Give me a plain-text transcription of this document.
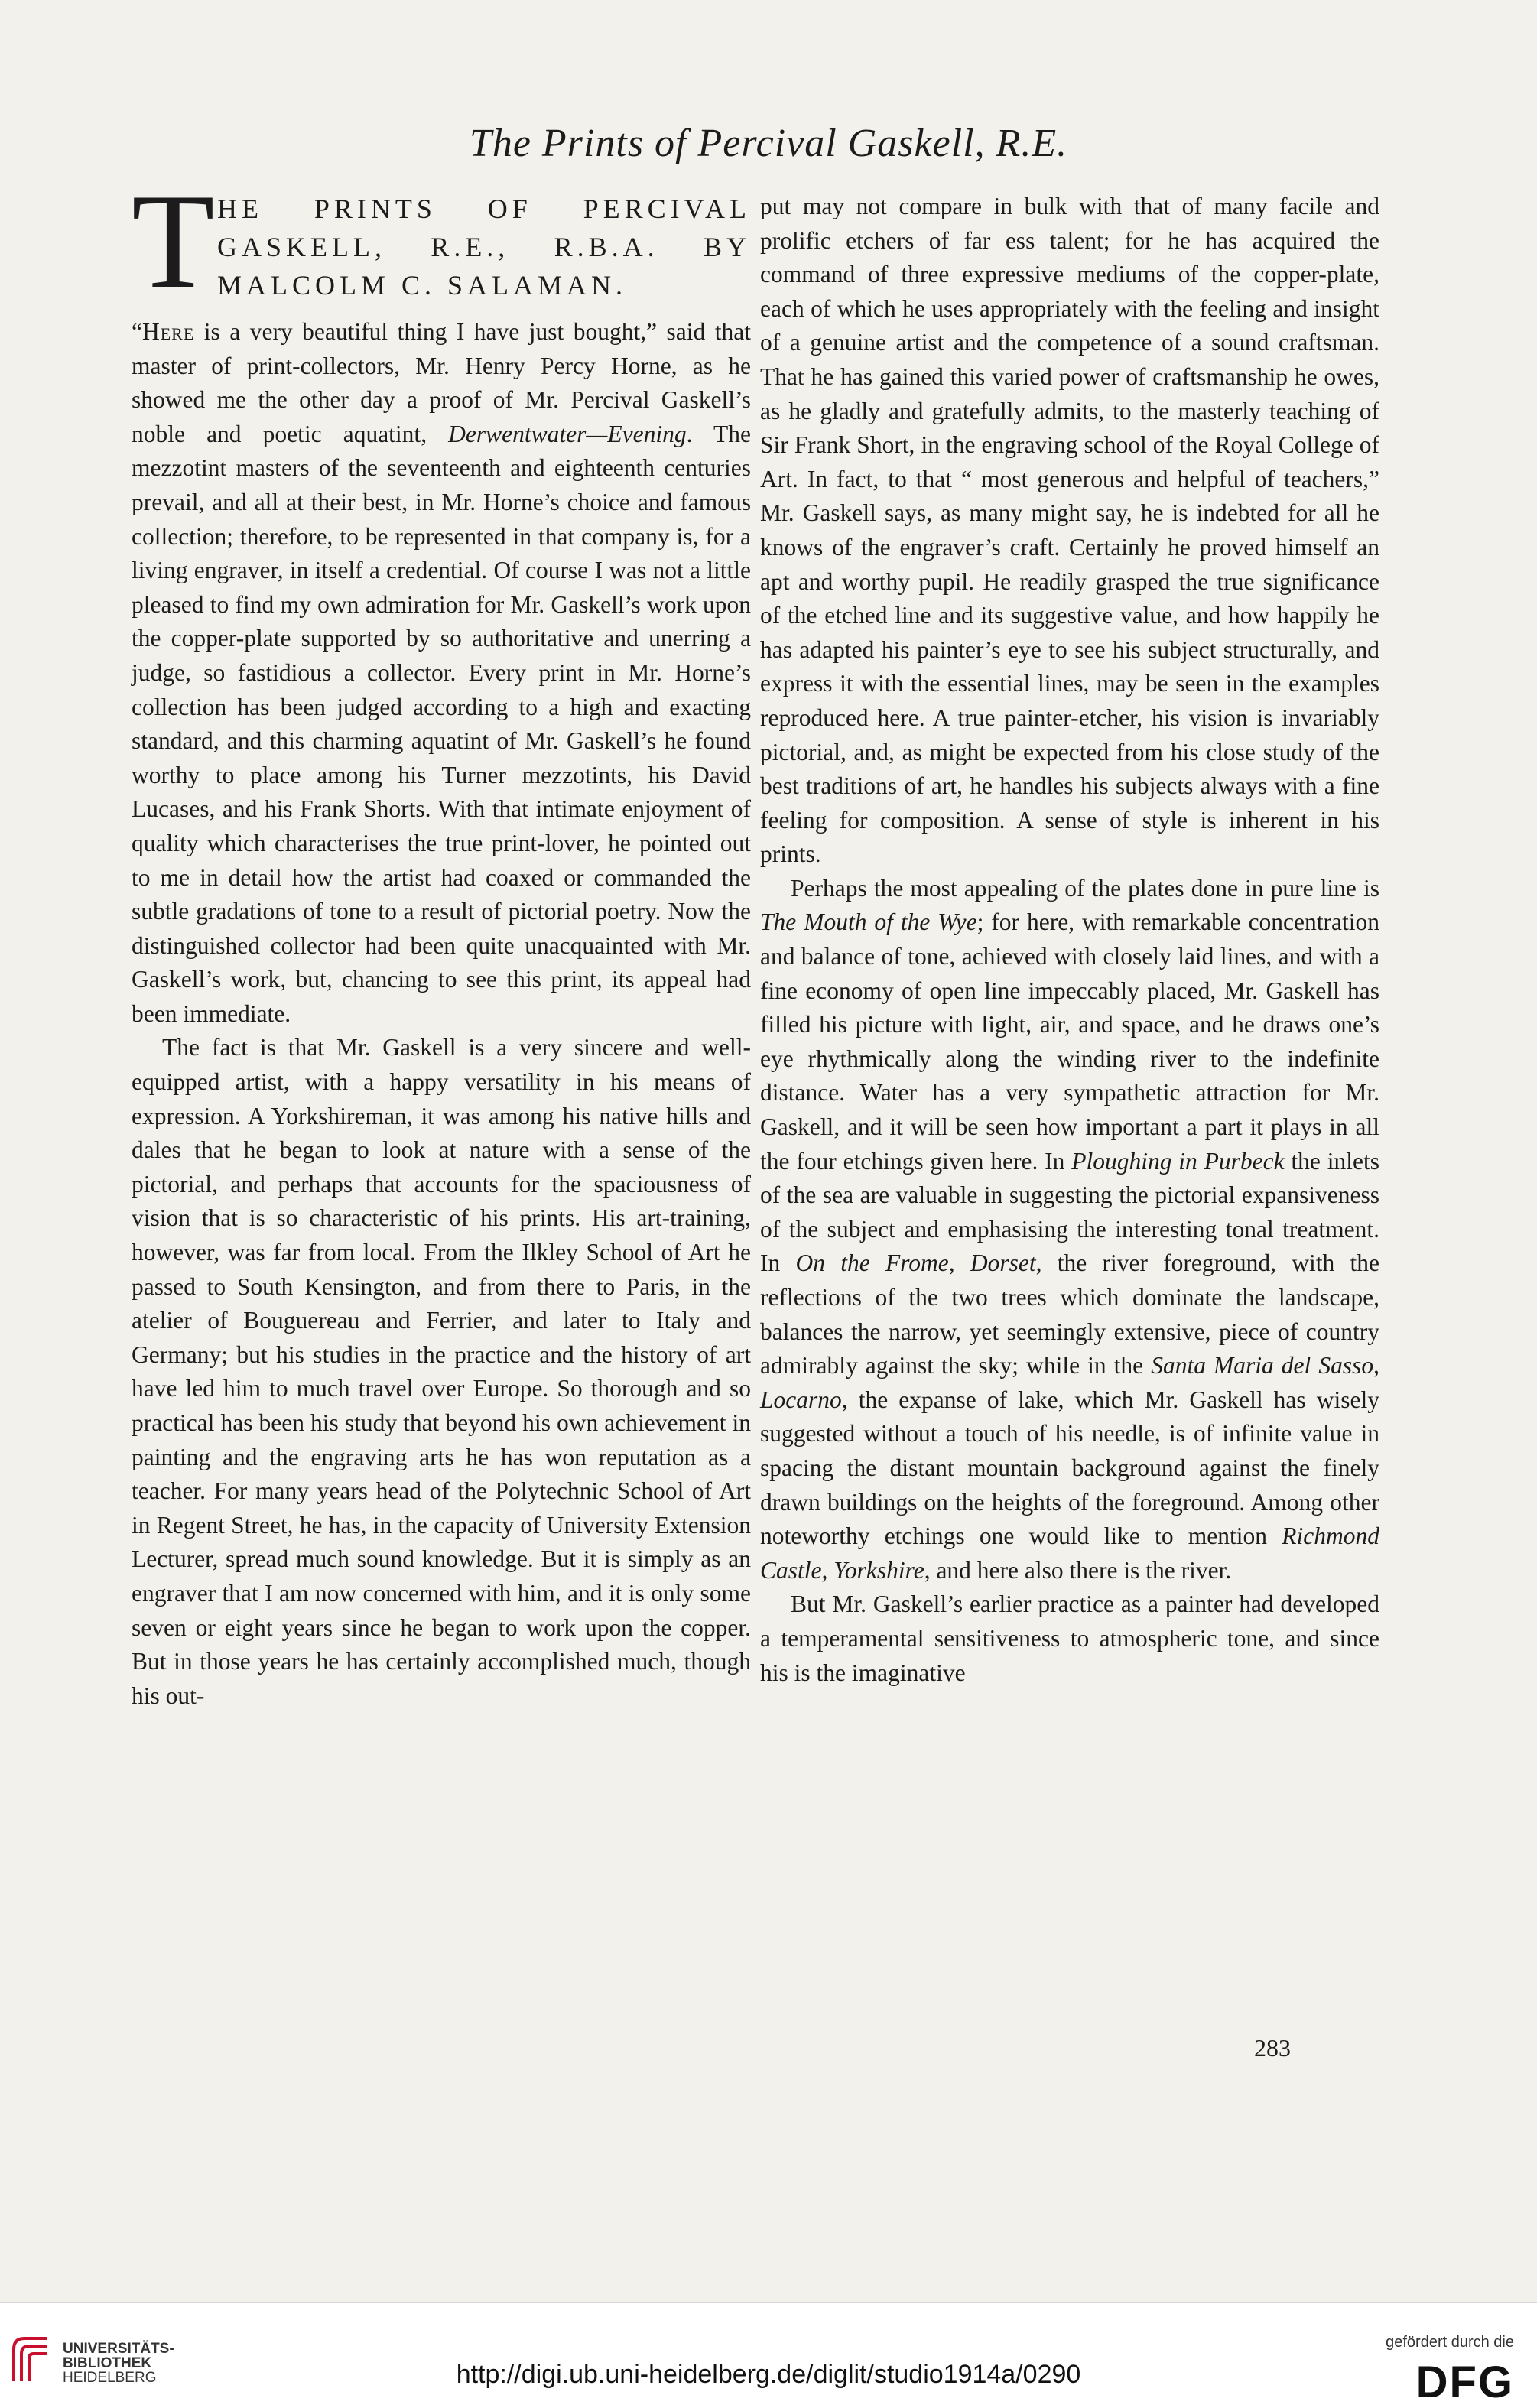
The Prints of Percival Gaskell, R.E.
T HE PRINTS OF PERCIVAL GASKELL, R.E., R.B.A. BY MALCOLM C. SALAMAN.

“Here is a very beautiful thing I have just bought,” said that master of print-collectors, Mr. Henry Percy Horne, as he showed me the other day a proof of Mr. Percival Gaskell’s noble and poetic aquatint, Derwentwater—Evening. The mezzotint masters of the seventeenth and eighteenth centuries prevail, and all at their best, in Mr. Horne’s choice and famous collection; therefore, to be represented in that company is, for a living engraver, in itself a credential. Of course I was not a little pleased to find my own admiration for Mr. Gaskell’s work upon the copper-plate supported by so authoritative and unerring a judge, so fastidious a collector. Every print in Mr. Horne’s collection has been judged according to a high and exacting standard, and this charming aquatint of Mr. Gaskell’s he found worthy to place among his Turner mezzotints, his David Lucases, and his Frank Shorts. With that intimate enjoyment of quality which characterises the true print-lover, he pointed out to me in detail how the artist had coaxed or commanded the subtle gradations of tone to a result of pictorial poetry. Now the distinguished collector had been quite unacquainted with Mr. Gaskell’s work, but, chancing to see this print, its appeal had been immediate.

The fact is that Mr. Gaskell is a very sincere and well-equipped artist, with a happy versatility in his means of expression. A Yorkshireman, it was among his native hills and dales that he began to look at nature with a sense of the pictorial, and perhaps that accounts for the spaciousness of vision that is so characteristic of his prints. His art-training, however, was far from local. From the Ilkley School of Art he passed to South Kensington, and from there to Paris, in the atelier of Bouguereau and Ferrier, and later to Italy and Germany; but his studies in the practice and the history of art have led him to much travel over Europe. So thorough and so practical has been his study that beyond his own achievement in painting and the engraving arts he has won reputation as a teacher. For many years head of the Polytechnic School of Art in Regent Street, he has, in the capacity of University Extension Lecturer, spread much sound knowledge. But it is simply as an engraver that I am now concerned with him, and it is only some seven or eight years since he began to work upon the copper. But in those years he has certainly accomplished much, though his out-

put may not compare in bulk with that of many facile and prolific etchers of far ess talent; for he has acquired the command of three expressive mediums of the copper-plate, each of which he uses appropriately with the feeling and insight of a genuine artist and the competence of a sound craftsman. That he has gained this varied power of craftsmanship he owes, as he gladly and gratefully admits, to the masterly teaching of Sir Frank Short, in the engraving school of the Royal College of Art. In fact, to that “ most generous and helpful of teachers,” Mr. Gaskell says, as many might say, he is indebted for all he knows of the engraver’s craft. Certainly he proved himself an apt and worthy pupil. He readily grasped the true significance of the etched line and its suggestive value, and how happily he has adapted his painter’s eye to see his subject structurally, and express it with the essential lines, may be seen in the examples reproduced here. A true painter-etcher, his vision is invariably pictorial, and, as might be expected from his close study of the best traditions of art, he handles his subjects always with a fine feeling for composition. A sense of style is inherent in his prints.

Perhaps the most appealing of the plates done in pure line is The Mouth of the Wye; for here, with remarkable concentration and balance of tone, achieved with closely laid lines, and with a fine economy of open line impeccably placed, Mr. Gaskell has filled his picture with light, air, and space, and he draws one’s eye rhythmically along the winding river to the indefinite distance. Water has a very sympathetic attraction for Mr. Gaskell, and it will be seen how important a part it plays in all the four etchings given here. In Ploughing in Purbeck the inlets of the sea are valuable in suggesting the pictorial expansiveness of the subject and emphasising the interesting tonal treatment. In On the Frome, Dorset, the river foreground, with the reflections of the two trees which dominate the landscape, balances the narrow, yet seemingly extensive, piece of country admirably against the sky; while in the Santa Maria del Sasso, Locarno, the expanse of lake, which Mr. Gaskell has wisely suggested without a touch of his needle, is of infinite value in spacing the distant mountain background against the finely drawn buildings on the heights of the foreground. Among other noteworthy etchings one would like to mention Richmond Castle, Yorkshire, and here also there is the river.

But Mr. Gaskell’s earlier practice as a painter had developed a temperamental sensitiveness to atmospheric tone, and since his is the imaginative

283
UNIVERSITÄTS-
BIBLIOTHEK
HEIDELBERG	http://digi.ub.uni-heidelberg.de/diglit/studio1914a/0290
gefördert durch die
DFG
